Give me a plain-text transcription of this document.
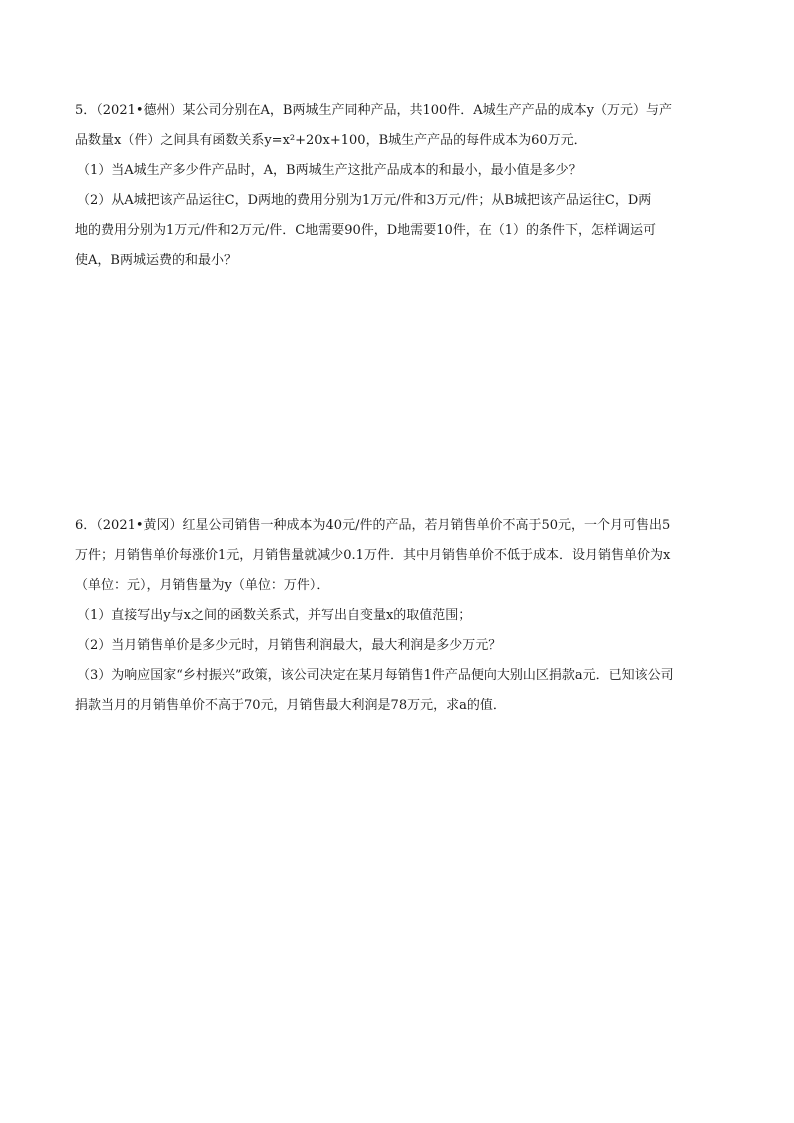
5．（2021•德州）某公司分别在A，B两城生产同种产品，共100件．A城生产产品的成本y（万元）与产
品数量x（件）之间具有函数关系y=x²+20x+100，B城生产产品的每件成本为60万元．
（1）当A城生产多少件产品时，A，B两城生产这批产品成本的和最小，最小值是多少？
（2）从A城把该产品运往C，D两地的费用分别为1万元/件和3万元/件；从B城把该产品运往C，D两
地的费用分别为1万元/件和2万元/件．C地需要90件，D地需要10件，在（1）的条件下，怎样调运可
使A，B两城运费的和最小？
6．（2021•黄冈）红星公司销售一种成本为40元/件的产品，若月销售单价不高于50元，一个月可售出5
万件；月销售单价每涨价1元，月销售量就减少0.1万件．其中月销售单价不低于成本．设月销售单价为x
（单位：元），月销售量为y（单位：万件）．
（1）直接写出y与x之间的函数关系式，并写出自变量x的取值范围；
（2）当月销售单价是多少元时，月销售利润最大，最大利润是多少万元？
（3）为响应国家“乡村振兴”政策，该公司决定在某月每销售1件产品便向大别山区捐款a元．已知该公司
捐款当月的月销售单价不高于70元，月销售最大利润是78万元，求a的值．
